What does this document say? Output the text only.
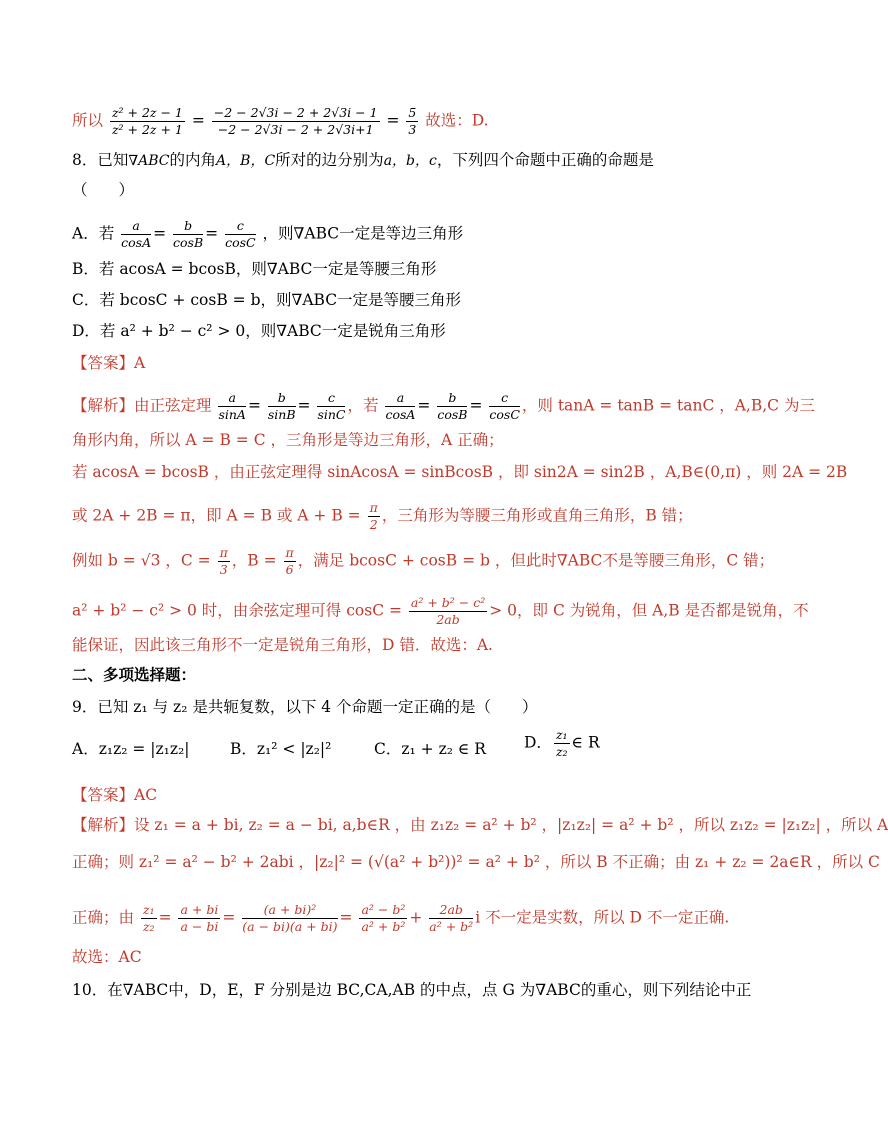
所以 $\frac{\text{z² + 2z − 1}}{\text{z² + 2z + 1}} = \frac{-2 - 2√3i - 2 + 2√3i - 1}{-2 - 2√3i - 2 + 2√3i+1} = \frac{5}{3}$ 故选：D.
8．已知∇ABC的内角A，B，C所对的边分别为a，b，c，下列四个命题中正确的命题是
（　　）
A．若 $\frac{a}{\cos A} = \frac{b}{\cos B} = \frac{c}{\cos C}$ ，则∇ABC一定是等边三角形
B．若 acosA = bcosB，则∇ABC一定是等腰三角形
C．若 bcosC + cosB = b，则∇ABC一定是等腰三角形
D．若 a² + b² − c² > 0，则∇ABC一定是锐角三角形
【答案】A
【解析】由正弦定理 $\frac{a}{\sin A} = \frac{b}{\sin B} = \frac{c}{\sin C}$ ，若 $\frac{a}{\cos A} = \frac{b}{\cos B} = \frac{c}{\cos C}$ ，则 tanA = tanB = tanC ，A,B,C 为三
角形内角，所以 A = B = C ，三角形是等边三角形，A 正确；
若 acosA = bcosB ，由正弦定理得 sinAcosA = sinBcosB ，即 sin2A = sin2B ，A,B∈(0,π) ，则 2A = 2B
或 2A + 2B = π，即 A = B 或 $A + B = \frac{\pi}{2}$ ，三角形为等腰三角形或直角三角形，B 错；
例如 b = √3 ，$C = \frac{\pi}{3}$ ，$B = \frac{\pi}{6}$ ，满足 bcosC + cosB = b ，但此时∇ABC不是等腰三角形，C 错；
a² + b² − c² > 0 时，由余弦定理可得 $\cos C = \frac{\text{a² + b² − c²}}{2ab} > 0$，即 C 为锐角，但 A,B 是否都是锐角，不
能保证，因此该三角形不一定是锐角三角形，D 错．故选：A.
二、多项选择题：
9．已知 z₁ 与 z₂ 是共轭复数，以下 4 个命题一定正确的是（　　）
A．z₁z₂ = |z₁z₂|	B．z₁² < |z₂|²	C．z₁ + z₂ ∈ R D． $\frac{\text{z₁}}{\text{z₂}}$ ∈ R
【答案】AC
【解析】设 z₁ = a + bi, z₂ = a − bi, a,b∈R ，由 z₁z₂ = a² + b² ，|z₁z₂| = a² + b² ，所以 z₁z₂ = |z₁z₂| ，所以 A
正确；则 z₁² = a² − b² + 2abi ，|z₂|² = (√(a² + b²))² = a² + b² ，所以 B 不正确；由 z₁ + z₂ = 2a∈R ，所以 C
正确；由 $\frac{\text{z₁}}{\text{z₂}} = \frac{a + bi}{a - bi} = \frac{\text{(a + bi)²}}{(a - bi)(a + bi)} = \frac{\text{a² − b²}}{\text{a² + b²}} + \frac{2ab}{\text{a² + b²}}$ i 不一定是实数，所以 D 不一定正确.
故选：AC
10．在∇ABC中，D，E，F 分别是边 BC,CA,AB 的中点，点 G 为∇ABC的重心，则下列结论中正
